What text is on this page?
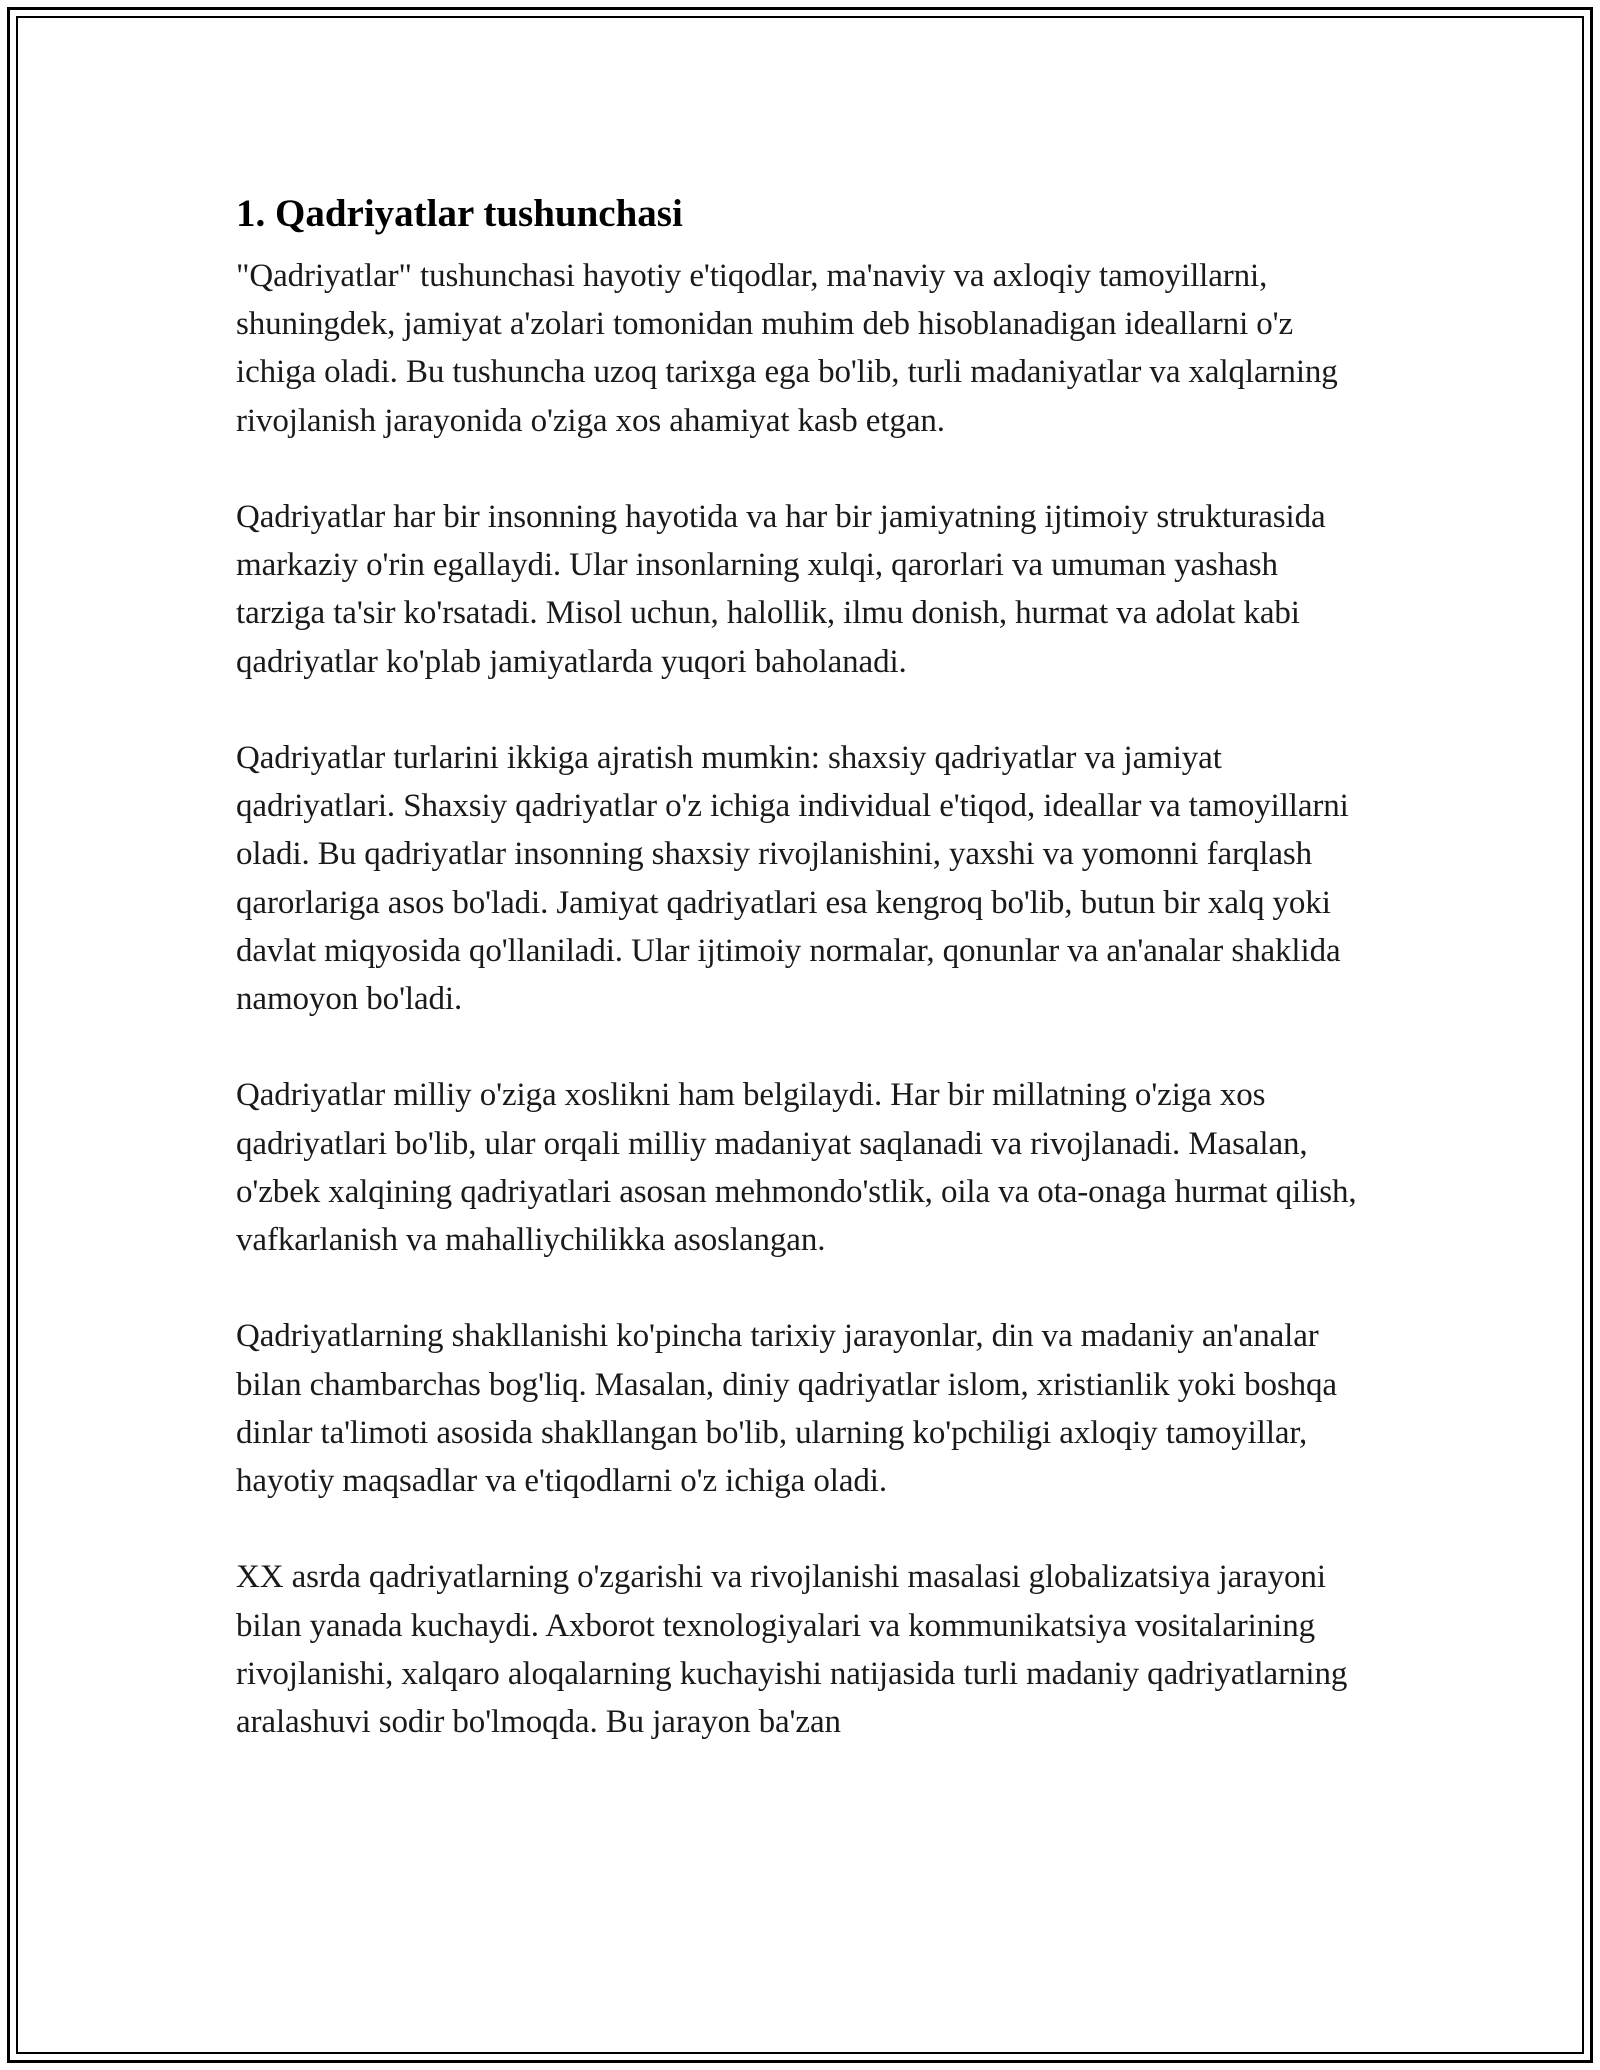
1. Qadriyatlar tushunchasi

"Qadriyatlar" tushunchasi hayotiy e'tiqodlar, ma'naviy va axloqiy tamoyillarni, shuningdek, jamiyat a'zolari tomonidan muhim deb hisoblanadigan ideallarni o'z ichiga oladi. Bu tushuncha uzoq tarixga ega bo'lib, turli madaniyatlar va xalqlarning rivojlanish jarayonida o'ziga xos ahamiyat kasb etgan.

Qadriyatlar har bir insonning hayotida va har bir jamiyatning ijtimoiy strukturasida markaziy o'rin egallaydi. Ular insonlarning xulqi, qarorlari va umuman yashash tarziga ta'sir ko'rsatadi. Misol uchun, halollik, ilmu donish, hurmat va adolat kabi qadriyatlar ko'plab jamiyatlarda yuqori baholanadi.

Qadriyatlar turlarini ikkiga ajratish mumkin: shaxsiy qadriyatlar va jamiyat qadriyatlari. Shaxsiy qadriyatlar o'z ichiga individual e'tiqod, ideallar va tamoyillarni oladi. Bu qadriyatlar insonning shaxsiy rivojlanishini, yaxshi va yomonni farqlash qarorlariga asos bo'ladi. Jamiyat qadriyatlari esa kengroq bo'lib, butun bir xalq yoki davlat miqyosida qo'llaniladi. Ular ijtimoiy normalar, qonunlar va an'analar shaklida namoyon bo'ladi.

Qadriyatlar milliy o'ziga xoslikni ham belgilaydi. Har bir millatning o'ziga xos qadriyatlari bo'lib, ular orqali milliy madaniyat saqlanadi va rivojlanadi. Masalan, o'zbek xalqining qadriyatlari asosan mehmondo'stlik, oila va ota-onaga hurmat qilish, vafkarlanish va mahalliychilikka asoslangan.

Qadriyatlarning shakllanishi ko'pincha tarixiy jarayonlar, din va madaniy an'analar bilan chambarchas bog'liq. Masalan, diniy qadriyatlar islom, xristianlik yoki boshqa dinlar ta'limoti asosida shakllangan bo'lib, ularning ko'pchiligi axloqiy tamoyillar, hayotiy maqsadlar va e'tiqodlarni o'z ichiga oladi.

XX asrda qadriyatlarning o'zgarishi va rivojlanishi masalasi globalizatsiya jarayoni bilan yanada kuchaydi. Axborot texnologiyalari va kommunikatsiya vositalarining rivojlanishi, xalqaro aloqalarning kuchayishi natijasida turli madaniy qadriyatlarning aralashuvi sodir bo'lmoqda. Bu jarayon ba'zan
